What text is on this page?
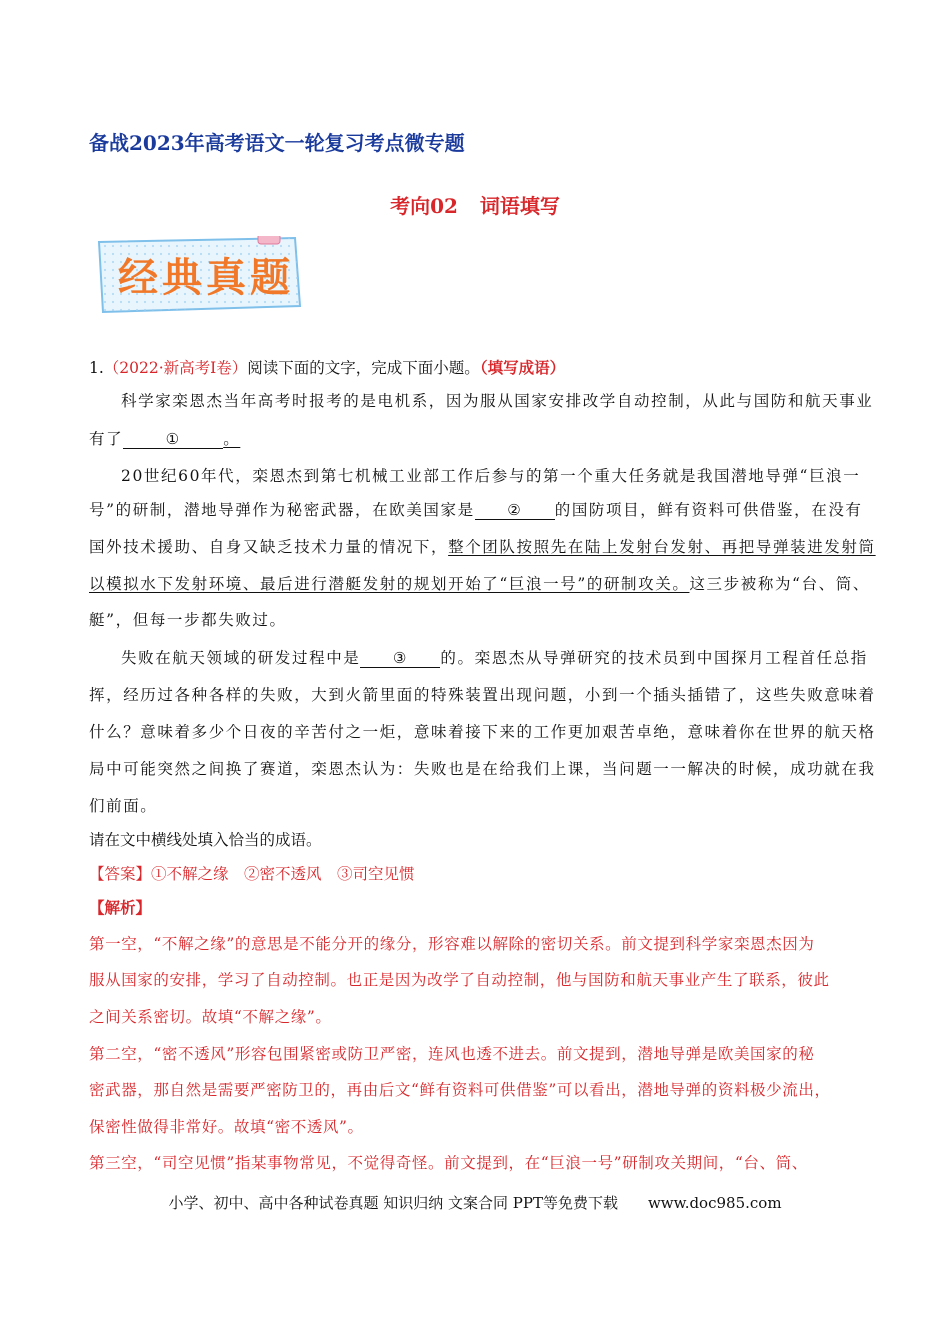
备战2023年高考语文一轮复习考点微专题
考向02 词语填写
经典真题
1.（2022·新高考I卷）阅读下面的文字，完成下面小题。（填写成语）
科学家栾恩杰当年高考时报考的是电机系，因为服从国家安排改学自动控制，从此与国防和航天事业
有了	①	。
20世纪60年代，栾恩杰到第七机械工业部工作后参与的第一个重大任务就是我国潜地导弹“巨浪一
号”的研制，潜地导弹作为秘密武器，在欧美国家是 ② 的国防项目，鲜有资料可供借鉴，在没有
国外技术援助、自身又缺乏技术力量的情况下，整个团队按照先在陆上发射台发射、再把导弹装进发射筒
以模拟水下发射环境、最后进行潜艇发射的规划开始了“巨浪一号”的研制攻关。这三步被称为“台、筒、
艇”，但每一步都失败过。
失败在航天领域的研发过程中是 ③ 的。栾恩杰从导弹研究的技术员到中国探月工程首任总指
挥，经历过各种各样的失败，大到火箭里面的特殊装置出现问题，小到一个插头插错了，这些失败意味着
什么？意味着多少个日夜的辛苦付之一炬，意味着接下来的工作更加艰苦卓绝，意味着你在世界的航天格
局中可能突然之间换了赛道，栾恩杰认为：失败也是在给我们上课，当问题一一解决的时候，成功就在我
们前面。
请在文中横线处填入恰当的成语。
【答案】①不解之缘　②密不透风　③司空见惯
【解析】
第一空，“不解之缘”的意思是不能分开的缘分，形容难以解除的密切关系。前文提到科学家栾恩杰因为
服从国家的安排，学习了自动控制。也正是因为改学了自动控制，他与国防和航天事业产生了联系，彼此
之间关系密切。故填“不解之缘”。
第二空，“密不透风”形容包围紧密或防卫严密，连风也透不进去。前文提到，潜地导弹是欧美国家的秘
密武器，那自然是需要严密防卫的，再由后文“鲜有资料可供借鉴”可以看出，潜地导弹的资料极少流出，
保密性做得非常好。故填“密不透风”。
第三空，“司空见惯”指某事物常见，不觉得奇怪。前文提到，在“巨浪一号”研制攻关期间，“台、筒、
小学、初中、高中各种试卷真题 知识归纳 文案合同 PPT等免费下载　　www.doc985.com
